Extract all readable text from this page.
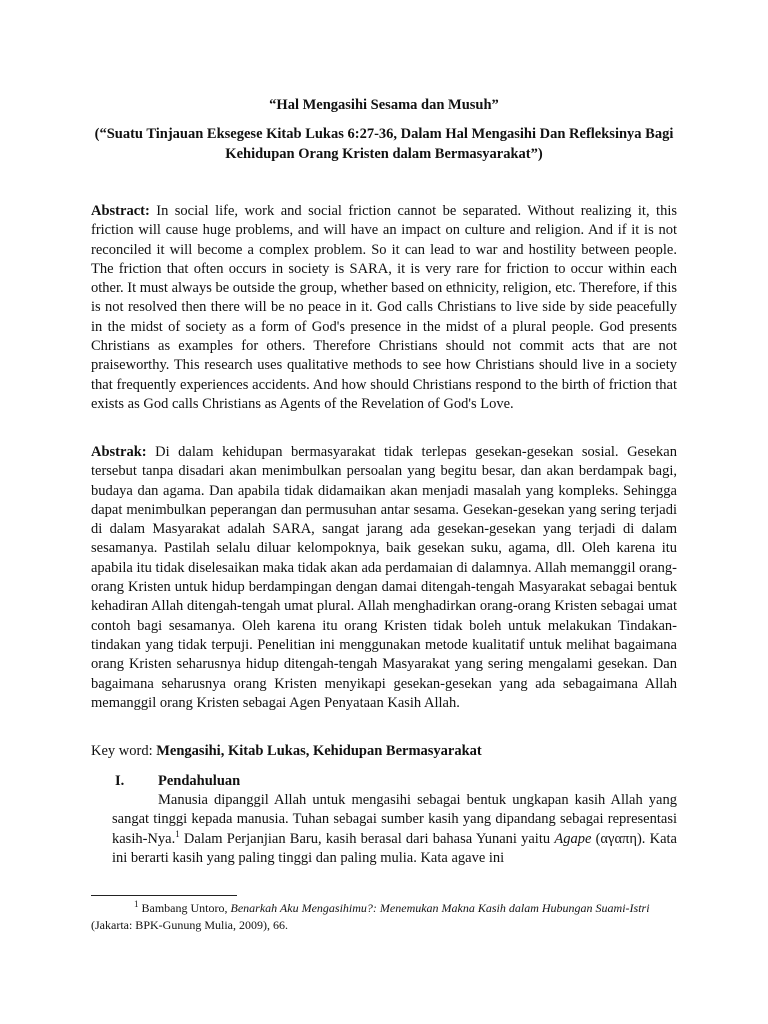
“Hal Mengasihi Sesama dan Musuh”

(“Suatu Tinjauan Eksegese Kitab Lukas 6:27-36, Dalam Hal Mengasihi Dan Refleksinya Bagi Kehidupan Orang Kristen dalam Bermasyarakat”)

Abstract: In social life, work and social friction cannot be separated. Without realizing it, this friction will cause huge problems, and will have an impact on culture and religion. And if it is not reconciled it will become a complex problem. So it can lead to war and hostility between people. The friction that often occurs in society is SARA, it is very rare for friction to occur within each other. It must always be outside the group, whether based on ethnicity, religion, etc. Therefore, if this is not resolved then there will be no peace in it. God calls Christians to live side by side peacefully in the midst of society as a form of God's presence in the midst of a plural people. God presents Christians as examples for others. Therefore Christians should not commit acts that are not praiseworthy. This research uses qualitative methods to see how Christians should live in a society that frequently experiences accidents. And how should Christians respond to the birth of friction that exists as God calls Christians as Agents of the Revelation of God's Love.

Abstrak: Di dalam kehidupan bermasyarakat tidak terlepas gesekan-gesekan sosial. Gesekan tersebut tanpa disadari akan menimbulkan persoalan yang begitu besar, dan akan berdampak bagi, budaya dan agama. Dan apabila tidak didamaikan akan menjadi masalah yang kompleks. Sehingga dapat menimbulkan peperangan dan permusuhan antar sesama. Gesekan-gesekan yang sering terjadi di dalam Masyarakat adalah SARA, sangat jarang ada gesekan-gesekan yang terjadi di dalam sesamanya. Pastilah selalu diluar kelompoknya, baik gesekan suku, agama, dll. Oleh karena itu apabila itu tidak diselesaikan maka tidak akan ada perdamaian di dalamnya. Allah memanggil orang-orang Kristen untuk hidup berdampingan dengan damai ditengah-tengah Masyarakat sebagai bentuk kehadiran Allah ditengah-tengah umat plural. Allah menghadirkan orang-orang Kristen sebagai umat contoh bagi sesamanya. Oleh karena itu orang Kristen tidak boleh untuk melakukan Tindakan-tindakan yang tidak terpuji. Penelitian ini menggunakan metode kualitatif untuk melihat bagaimana orang Kristen seharusnya hidup ditengah-tengah Masyarakat yang sering mengalami gesekan. Dan bagaimana seharusnya orang Kristen menyikapi gesekan-gesekan yang ada sebagaimana Allah memanggil orang Kristen sebagai Agen Penyataan Kasih Allah.

Key word: Mengasihi, Kitab Lukas, Kehidupan Bermasyarakat

I. Pendahuluan

Manusia dipanggil Allah untuk mengasihi sebagai bentuk ungkapan kasih Allah yang sangat tinggi kepada manusia. Tuhan sebagai sumber kasih yang dipandang sebagai representasi kasih-Nya.$^1$ Dalam Perjanjian Baru, kasih berasal dari bahasa Yunani yaitu Agape (αγαπη). Kata ini berarti kasih yang paling tinggi dan paling mulia. Kata agave ini

$^1$ Bambang Untoro, Benarkah Aku Mengasihimu?: Menemukan Makna Kasih dalam Hubungan Suami-Istri (Jakarta: BPK-Gunung Mulia, 2009), 66.
